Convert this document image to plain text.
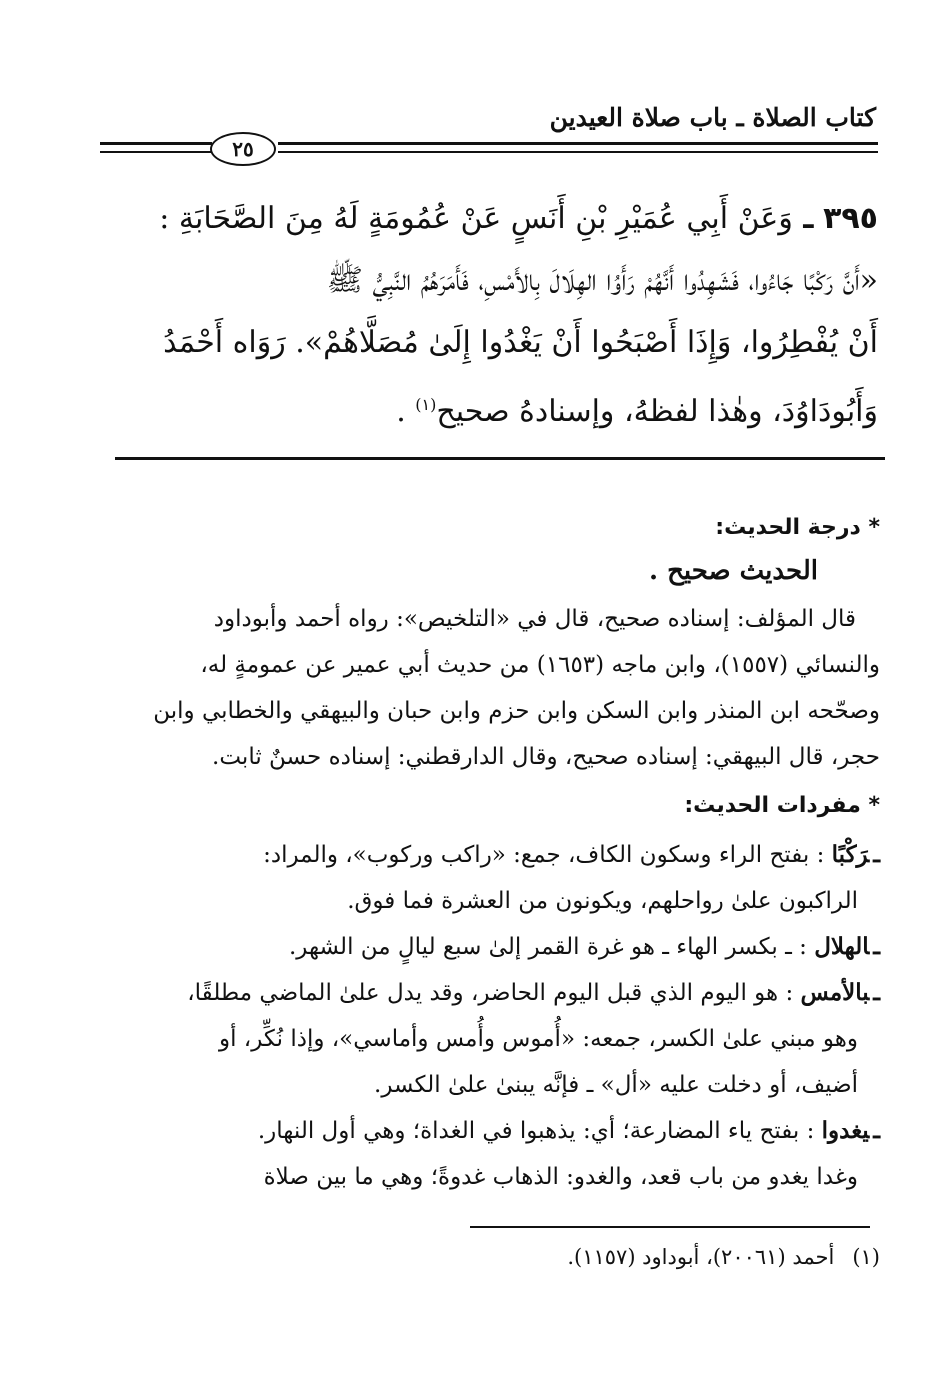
كتاب الصلاة ـ باب صلاة العيدين
٢٥
٣٩٥ ـ وَعَنْ أَبِي عُمَيْرِ بْنِ أَنَسٍ عَنْ عُمُومَةٍ لَهُ مِنَ الصَّحَابَةِ :
«أَنَّ رَكْبًا جَاءُوا، فَشَهِدُوا أَنَّهُمْ رَأَوُا الهِلَالَ بِالأَمْسِ، فَأَمَرَهُمُ النَّبِيُّ ﷺ
أَنْ يُفْطِرُوا، وَإِذَا أَصْبَحُوا أَنْ يَغْدُوا إِلَىٰ مُصَلَّاهُمْ». رَوَاه أَحْمَدُ
وَأَبُودَاوُدَ، وهٰذا لفظهُ، وإسنادهُ صحيح$^{(١)}$ .
* درجة الحديث:
الحديث صحيح .
قال المؤلف: إسناده صحيح، قال في «التلخيص»: رواه أحمد وأبوداود
والنسائي (١٥٥٧)، وابن ماجه (١٦٥٣) من حديث أبي عمير عن عمومةٍ له،
وصحّحه ابن المنذر وابن السكن وابن حزم وابن حبان والبيهقي والخطابي وابن
حجر، قال البيهقي: إسناده صحيح، وقال الدارقطني: إسناده حسنٌ ثابت.
* مفردات الحديث:
ـرَكْبًا : بفتح الراء وسكون الكاف، جمع: «راكب وركوب»، والمراد:
الراكبون علىٰ رواحلهم، ويكونون من العشرة فما فوق.
ـالهلال : ـ بكسر الهاء ـ هو غرة القمر إلىٰ سبع ليالٍ من الشهر.
ـبالأمس : هو اليوم الذي قبل اليوم الحاضر، وقد يدل علىٰ الماضي مطلقًا،
وهو مبني علىٰ الكسر، جمعه: «أُموس وأُمس وأماسي»، وإذا نُكِّر، أو
أضيف، أو دخلت عليه «أل» ـ فإنَّه يبنىٰ علىٰ الكسر.
ـيغدوا : بفتح ياء المضارعة؛ أي: يذهبوا في الغداة؛ وهي أول النهار.
وغدا يغدو من باب قعد، والغدو: الذهاب غدوةً؛ وهي ما بين صلاة
(١)أحمد (٢٠٠٦١)، أبوداود (١١٥٧).
